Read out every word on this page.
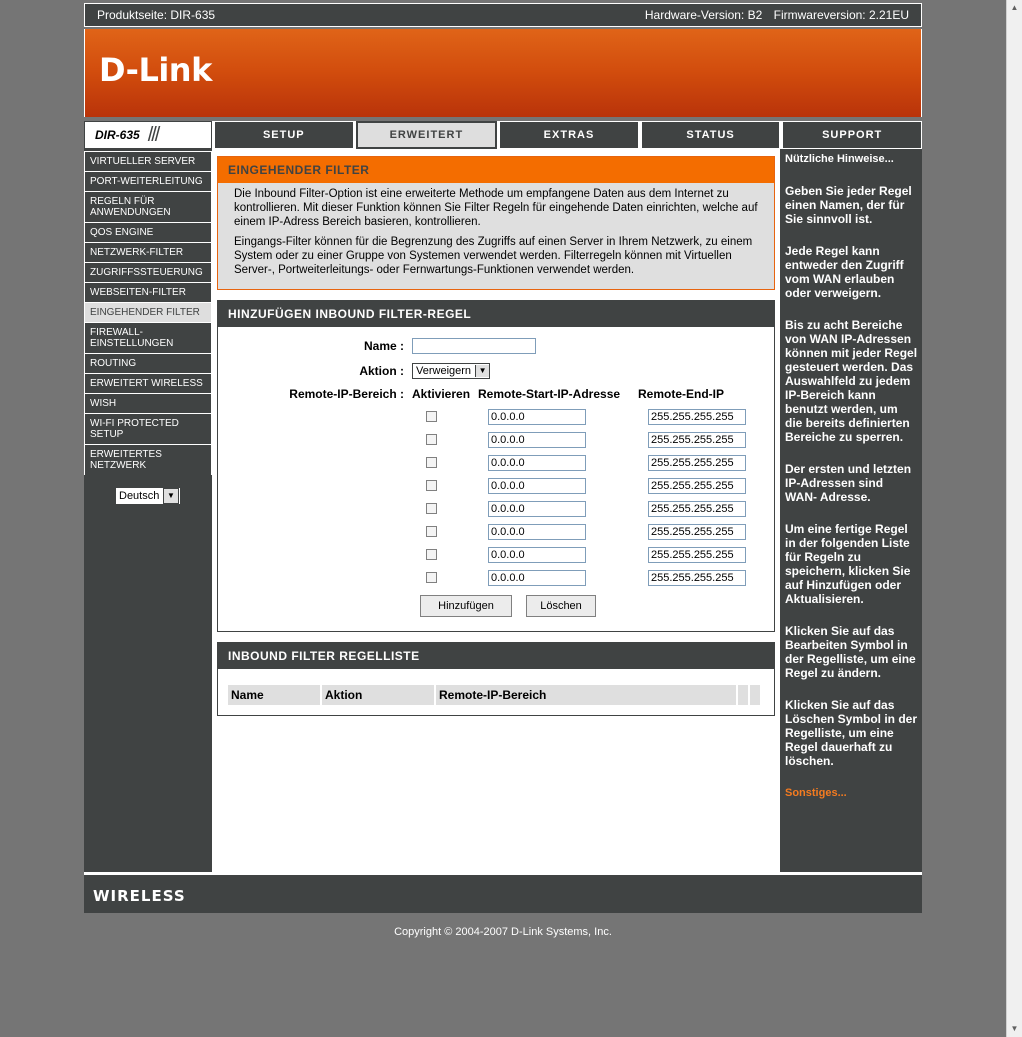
▲
▼
Produktseite: DIR-635	Hardware-Version: B2 Firmwareversion: 2.21EU
D-Link
DIR-635 ///	SETUP	ERWEITERT	EXTRAS	STATUS	SUPPORT
VIRTUELLER SERVER
PORT-WEITERLEITUNG
REGELN FÜR ANWENDUNGEN
QOS ENGINE
NETZWERK-FILTER
ZUGRIFFSSTEUERUNG
WEBSEITEN-FILTER
EINGEHENDER FILTER
FIREWALL-EINSTELLUNGEN
ROUTING
ERWEITERT WIRELESS
WISH
WI-FI PROTECTED SETUP
ERWEITERTES NETZWERK
Deutsch ▼
EINGEHENDER FILTER

Die Inbound Filter-Option ist eine erweiterte Methode um empfangene Daten aus dem Internet zu kontrollieren. Mit dieser Funktion können Sie Filter Regeln für eingehende Daten einrichten, welche auf einem IP-Adress Bereich basieren, kontrollieren.

Eingangs-Filter können für die Begrenzung des Zugriffs auf einen Server in Ihrem Netzwerk, zu einem System oder zu einer Gruppe von Systemen verwendet werden. Filterregeln können mit Virtuellen Server-, Portweiterleitungs- oder Fernwartungs-Funktionen verwendet werden.

HINZUFÜGEN INBOUND FILTER-REGEL
Name :
Aktion :	Verweigern ▼
Remote-IP-Bereich : Aktivieren Remote-Start-IP-Adresse	Remote-End-IP
0.0.0.0	255.255.255.255
0.0.0.0	255.255.255.255
0.0.0.0	255.255.255.255
0.0.0.0	255.255.255.255
0.0.0.0	255.255.255.255
0.0.0.0	255.255.255.255
0.0.0.0	255.255.255.255
0.0.0.0	255.255.255.255
Hinzufügen	Löschen
INBOUND FILTER REGELLISTE
Name	Aktion	Remote-IP-Bereich
Nützliche Hinweise...

Geben Sie jeder Regel einen Namen, der für Sie sinnvoll ist.

Jede Regel kann entweder den Zugriff vom WAN erlauben oder verweigern.

Bis zu acht Bereiche von WAN IP-Adressen können mit jeder Regel gesteuert werden. Das Auswahlfeld zu jedem IP-Bereich kann benutzt werden, um die bereits definierten Bereiche zu sperren.

Der ersten und letzten IP-Adressen sind WAN- Adresse.

Um eine fertige Regel in der folgenden Liste für Regeln zu speichern, klicken Sie auf Hinzufügen oder Aktualisieren.

Klicken Sie auf das Bearbeiten Symbol in der Regelliste, um eine Regel zu ändern.

Klicken Sie auf das Löschen Symbol in der Regelliste, um eine Regel dauerhaft zu löschen.

Sonstiges...
WIRELESS
Copyright © 2004-2007 D-Link Systems, Inc.
